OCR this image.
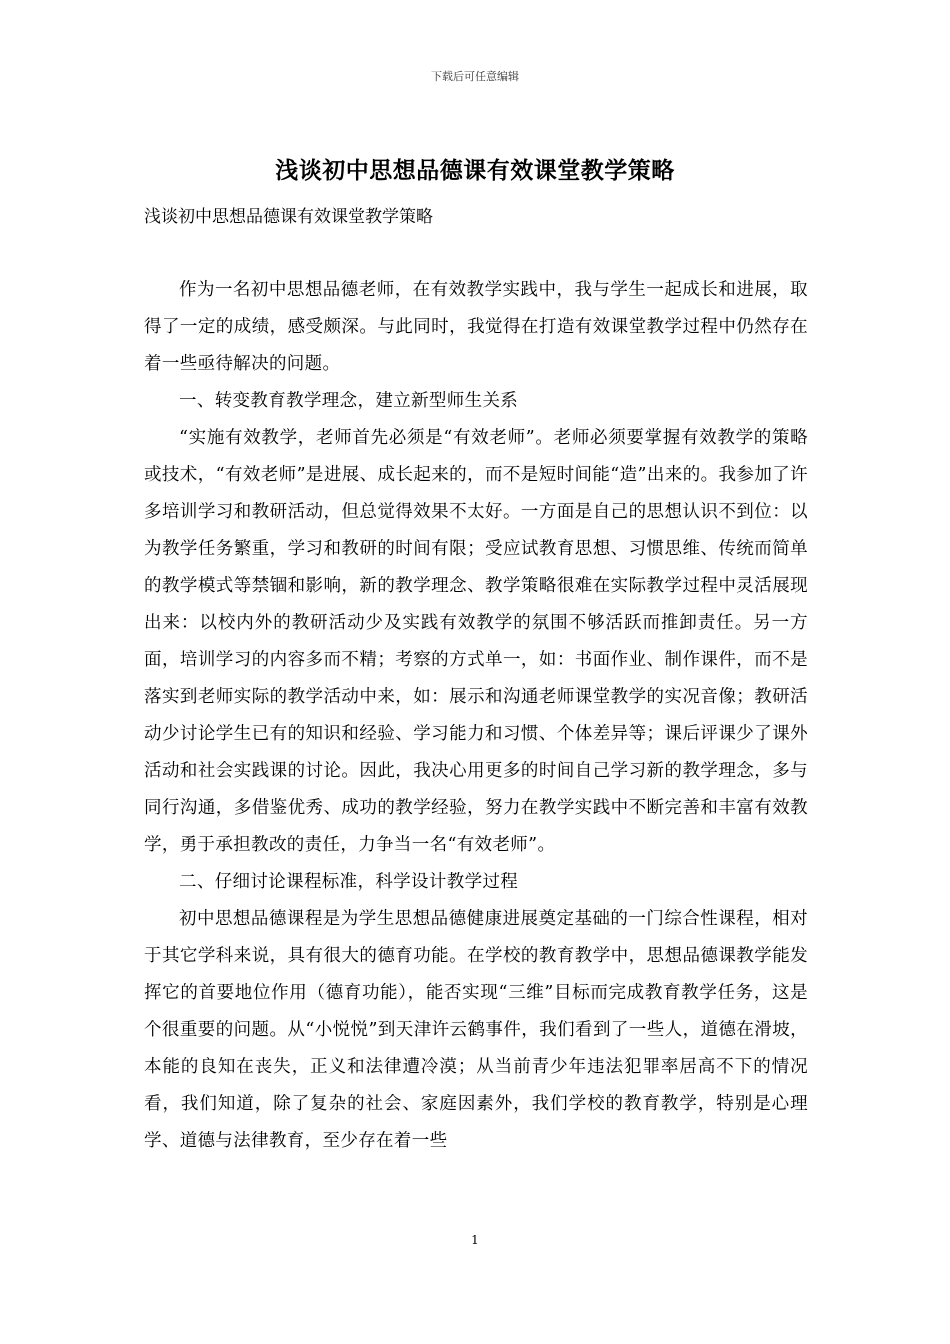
下载后可任意编辑
浅谈初中思想品德课有效课堂教学策略
浅谈初中思想品德课有效课堂教学策略

作为一名初中思想品德老师，在有效教学实践中，我与学生一起成长和进展，取得了一定的成绩，感受颇深。与此同时，我觉得在打造有效课堂教学过程中仍然存在着一些亟待解决的问题。

一、转变教育教学理念，建立新型师生关系

“实施有效教学，老师首先必须是“有效老师”。老师必须要掌握有效教学的策略或技术，“有效老师”是进展、成长起来的，而不是短时间能“造”出来的。我参加了许多培训学习和教研活动，但总觉得效果不太好。一方面是自己的思想认识不到位：以为教学任务繁重，学习和教研的时间有限；受应试教育思想、习惯思维、传统而简单的教学模式等禁锢和影响，新的教学理念、教学策略很难在实际教学过程中灵活展现出来：以校内外的教研活动少及实践有效教学的氛围不够活跃而推卸责任。另一方面，培训学习的内容多而不精；考察的方式单一，如：书面作业、制作课件，而不是落实到老师实际的教学活动中来，如：展示和沟通老师课堂教学的实况音像；教研活动少讨论学生已有的知识和经验、学习能力和习惯、个体差异等；课后评课少了课外活动和社会实践课的讨论。因此，我决心用更多的时间自己学习新的教学理念，多与同行沟通，多借鉴优秀、成功的教学经验，努力在教学实践中不断完善和丰富有效教学，勇于承担教改的责任，力争当一名“有效老师”。

二、仔细讨论课程标准，科学设计教学过程

初中思想品德课程是为学生思想品德健康进展奠定基础的一门综合性课程，相对于其它学科来说，具有很大的德育功能。在学校的教育教学中，思想品德课教学能发挥它的首要地位作用（德育功能），能否实现“三维”目标而完成教育教学任务，这是个很重要的问题。从“小悦悦”到天津许云鹤事件，我们看到了一些人，道德在滑坡，本能的良知在丧失，正义和法律遭冷漠；从当前青少年违法犯罪率居高不下的情况看，我们知道，除了复杂的社会、家庭因素外，我们学校的教育教学，特别是心理学、道德与法律教育，至少存在着一些

1
